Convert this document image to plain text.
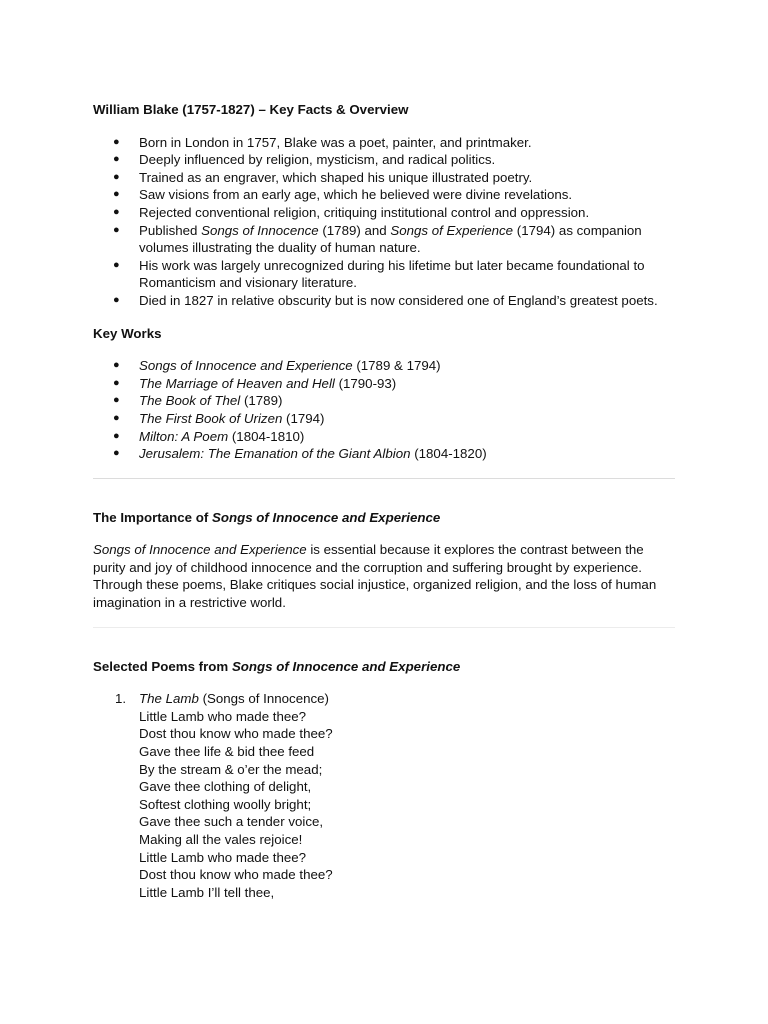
William Blake (1757-1827) – Key Facts & Overview

● Born in London in 1757, Blake was a poet, painter, and printmaker.
● Deeply influenced by religion, mysticism, and radical politics.
● Trained as an engraver, which shaped his unique illustrated poetry.
● Saw visions from an early age, which he believed were divine revelations.
● Rejected conventional religion, critiquing institutional control and oppression.
● Published Songs of Innocence (1789) and Songs of Experience (1794) as companion volumes illustrating the duality of human nature.
● His work was largely unrecognized during his lifetime but later became foundational to Romanticism and visionary literature.
● Died in 1827 in relative obscurity but is now considered one of England’s greatest poets.

Key Works

● Songs of Innocence and Experience (1789 & 1794)
● The Marriage of Heaven and Hell (1790-93)
● The Book of Thel (1789)
● The First Book of Urizen (1794)
● Milton: A Poem (1804-1810)
● Jerusalem: The Emanation of the Giant Albion (1804-1820)

The Importance of Songs of Innocence and Experience

Songs of Innocence and Experience is essential because it explores the contrast between the purity and joy of childhood innocence and the corruption and suffering brought by experience. Through these poems, Blake critiques social injustice, organized religion, and the loss of human imagination in a restrictive world.

Selected Poems from Songs of Innocence and Experience

1. The Lamb (Songs of Innocence)
Little Lamb who made thee?
Dost thou know who made thee?
Gave thee life & bid thee feed
By the stream & o’er the mead;
Gave thee clothing of delight,
Softest clothing woolly bright;
Gave thee such a tender voice,
Making all the vales rejoice!
Little Lamb who made thee?
Dost thou know who made thee?
Little Lamb I’ll tell thee,
